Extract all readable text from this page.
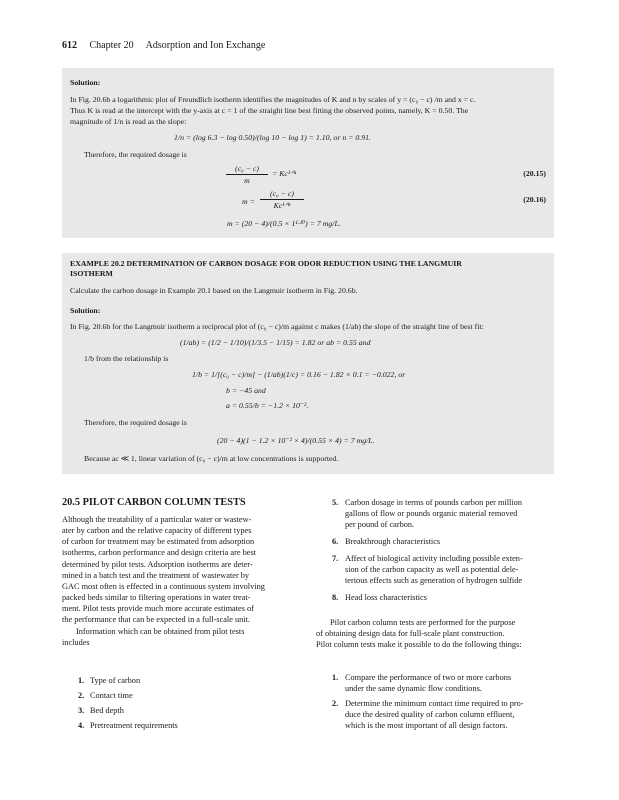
612 Chapter 20 Adsorption and Ion Exchange
Solution:
In Fig. 20.6b a logarithmic plot of Freundlich isotherm identifies the magnitudes of K and n by scales of y = (c₀ − c) /m and x = c.
Thus K is read at the intercept with the y-axis at c = 1 of the straight line best fitting the observed points, namely, K = 0.50. The
magnitude of 1/n is read as the slope:
1/n = (log 6.3 − log 0.50)/(log 10 − log 1) = 1.10, or n = 0.91.
Therefore, the required dosage is
$\frac{\text{(c₀ − c)}}{m}$ = Kc¹ᐟⁿ	(20.15)
m =
(c₀ − c)
Kc¹ᐟⁿ
(20.16)
m = (20 − 4)/(0.5 × 1¹·¹⁰) = 7 mg/L.
EXAMPLE 20.2 DETERMINATION OF CARBON DOSAGE FOR ODOR REDUCTION USING THE LANGMUIR
ISOTHERM
Calculate the carbon dosage in Example 20.1 based on the Langmuir isotherm in Fig. 20.6b.
Solution:
In Fig. 20.6b for the Langmuir isotherm a reciprocal plot of (c₀ − c)/m against c makes (1/ab) the slope of the straight line of best fit:
(1/ab) = (1/2 − 1/10)/(1/3.5 − 1/15) = 1.82 or ab = 0.55 and
1/b from the relationship is
1/b = 1/[(c₀ − c)/m] − (1/ab)(1/c) = 0.16 − 1.82 × 0.1 = −0.022, or
b = −45 and
a = 0.55/b = −1.2 × 10⁻².
Therefore, the required dosage is
(20 − 4)(1 − 1.2 × 10⁻² × 4)/(0.55 × 4) = 7 mg/L.
Because ac ≪ 1, linear variation of (c₀ − c)/m at low concentrations is supported.
20.5 PILOT CARBON COLUMN TESTS
Although the treatability of a particular water or wastew-
ater by carbon and the relative capacity of different types
of carbon for treatment may be estimated from adsorption
isotherms, carbon performance and design criteria are best
determined by pilot tests. Adsorption isotherms are deter-
mined in a batch test and the treatment of wastewater by
GAC most often is effected in a continuous system involving
packed beds similar to filtering operations in water treat-
ment. Pilot tests provide much more accurate estimates of
the performance that can be expected in a full-scale unit.
Information which can be obtained from pilot tests
includes
1. Type of carbon
2. Contact time
3. Bed depth
4. Pretreatment requirements
5. Carbon dosage in terms of pounds carbon per million
gallons of flow or pounds organic material removed
per pound of carbon.
6. Breakthrough characteristics
7. Affect of biological activity including possible exten-
sion of the carbon capacity as well as potential dele-
terious effects such as generation of hydrogen sulfide
8. Head loss characteristics
Pilot carbon column tests are performed for the purpose
of obtaining design data for full-scale plant construction.
Pilot column tests make it possible to do the following things:
1. Compare the performance of two or more carbons
under the same dynamic flow conditions.
2. Determine the minimum contact time required to pro-
duce the desired quality of carbon column effluent,
which is the most important of all design factors.
